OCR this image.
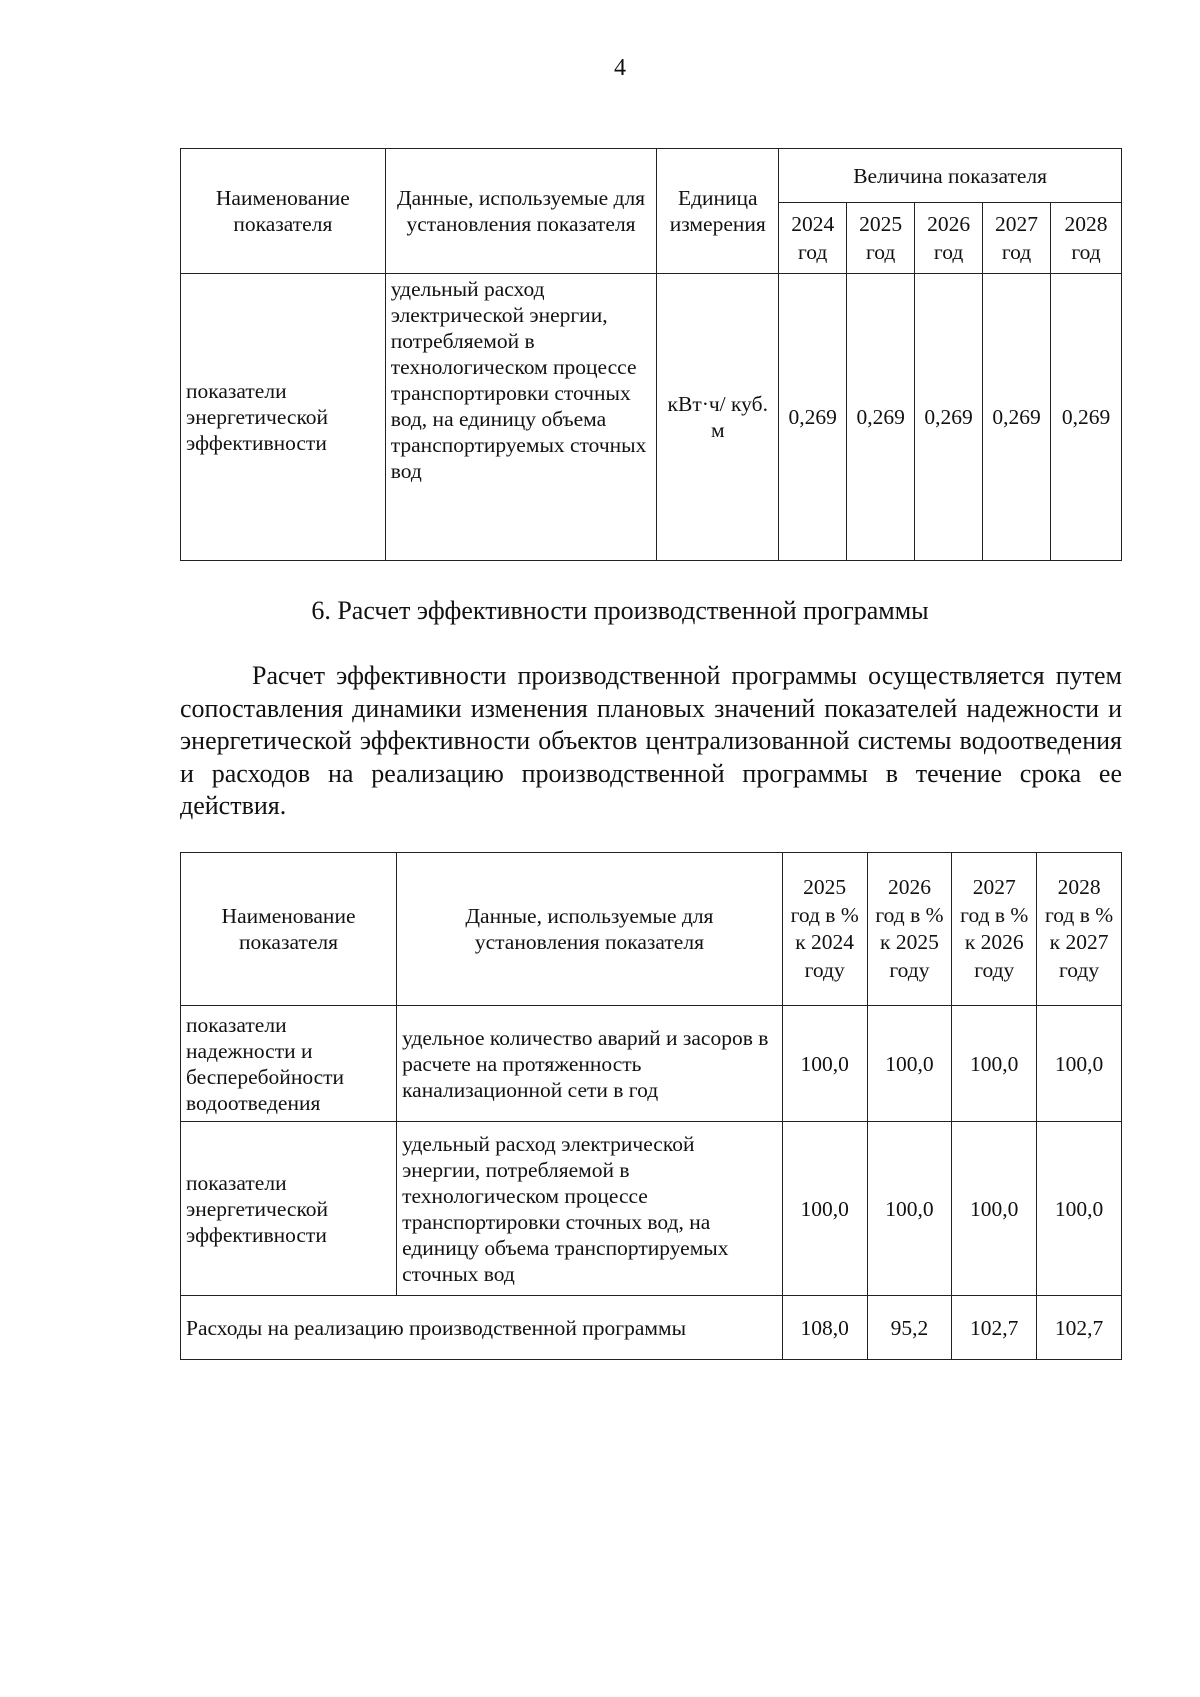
4
Наименование показателя	Данные, используемые для установления показателя	Единица измерения	Величина показателя				
			2024 год	2025 год	2026 год	2027 год	2028 год
показатели энергетической эффективности	удельный расход электрической энергии, потребляемой в технологическом процессе транспортировки сточных вод, на единицу объема транспортируемых сточных вод	кВт·ч/ куб. м	0,269	0,269	0,269	0,269	0,269
6. Расчет эффективности производственной программы
Расчет эффективности производственной программы осуществляется путем сопоставления динамики изменения плановых значений показателей надежности и энергетической эффективности объектов централизованной системы водоотведения и расходов на реализацию производственной программы в течение срока ее действия.
Наименование показателя	Данные, используемые для установления показателя	2025 год в % к 2024 году	2026 год в % к 2025 году	2027 год в % к 2026 году	2028 год в % к 2027 году
показатели надежности и бесперебойности водоотведения	удельное количество аварий и засоров в расчете на протяженность канализационной сети в год	100,0	100,0	100,0	100,0
показатели энергетической эффективности	удельный расход электрической энергии, потребляемой в технологическом процессе транспортировки сточных вод, на единицу объема транспортируемых сточных вод	100,0	100,0	100,0	100,0
Расходы на реализацию производственной программы		108,0	95,2	102,7	102,7
